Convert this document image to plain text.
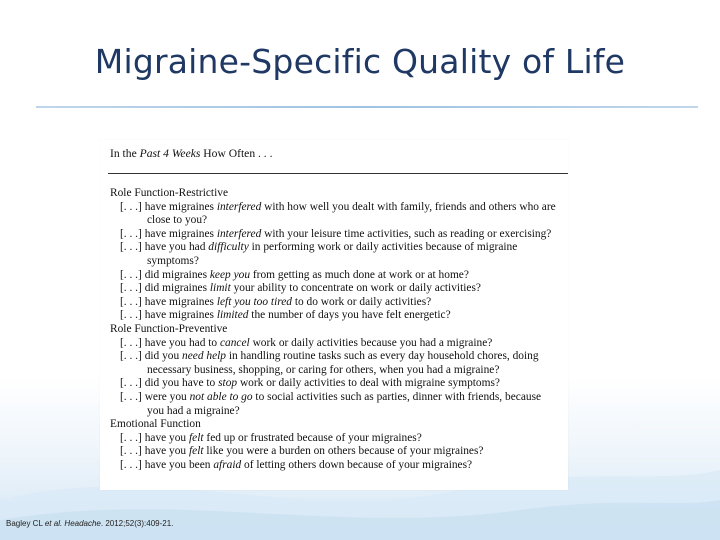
Migraine-Specific Quality of Life
In the Past 4 Weeks How Often . . .
Role Function-Restrictive
[. . .] have migraines interfered with how well you dealt with family, friends and others who are close to you?
[. . .] have migraines interfered with your leisure time activities, such as reading or exercising?
[. . .] have you had difficulty in performing work or daily activities because of migraine symptoms?
[. . .] did migraines keep you from getting as much done at work or at home?
[. . .] did migraines limit your ability to concentrate on work or daily activities?
[. . .] have migraines left you too tired to do work or daily activities?
[. . .] have migraines limited the number of days you have felt energetic?
Role Function-Preventive
[. . .] have you had to cancel work or daily activities because you had a migraine?
[. . .] did you need help in handling routine tasks such as every day household chores, doing necessary business, shopping, or caring for others, when you had a migraine?
[. . .] did you have to stop work or daily activities to deal with migraine symptoms?
[. . .] were you not able to go to social activities such as parties, dinner with friends, because you had a migraine?
Emotional Function
[. . .] have you felt fed up or frustrated because of your migraines?
[. . .] have you felt like you were a burden on others because of your migraines?
[. . .] have you been afraid of letting others down because of your migraines?
Bagley CL et al. Headache. 2012;52(3):409-21.
